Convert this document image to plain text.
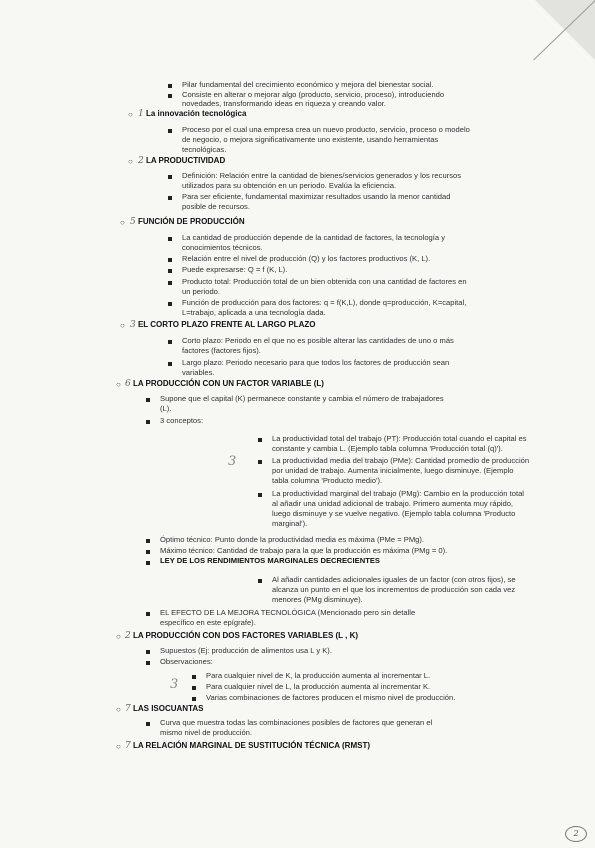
Pilar fundamental del crecimiento económico y mejora del bienestar social.
Consiste en alterar o mejorar algo (producto, servicio, proceso), introduciendo
novedades, transformando ideas en riqueza y creando valor.
○ 1 La innovación tecnológica
Proceso por el cual una empresa crea un nuevo producto, servicio, proceso o modelo
de negocio, o mejora significativamente uno existente, usando herramientas
tecnológicas.
○ 2 LA PRODUCTIVIDAD
Definición: Relación entre la cantidad de bienes/servicios generados y los recursos
utilizados para su obtención en un periodo. Evalúa la eficiencia.
Para ser eficiente, fundamental maximizar resultados usando la menor cantidad
posible de recursos.
○ 5 FUNCIÓN DE PRODUCCIÓN
La cantidad de producción depende de la cantidad de factores, la tecnología y
conocimientos técnicos.
Relación entre el nivel de producción (Q) y los factores productivos (K, L).
Puede expresarse: Q = f (K, L).
Producto total: Producción total de un bien obtenida con una cantidad de factores en
un periodo.
Función de producción para dos factores: q = f(K,L), donde q=producción, K=capital,
L=trabajo, aplicada a una tecnología dada.
○ 3 EL CORTO PLAZO FRENTE AL LARGO PLAZO
Corto plazo: Periodo en el que no es posible alterar las cantidades de uno o más
factores (factores fijos).
Largo plazo: Periodo necesario para que todos los factores de producción sean
variables.
○ 6 LA PRODUCCIÓN CON UN FACTOR VARIABLE (L)
Supone que el capital (K) permanece constante y cambia el número de trabajadores
(L).
3 conceptos:
La productividad total del trabajo (PT): Producción total cuando el capital es
constante y cambia L. (Ejemplo tabla columna 'Producción total (q)').
La productividad media del trabajo (PMe): Cantidad promedio de producción
por unidad de trabajo. Aumenta inicialmente, luego disminuye. (Ejemplo
tabla columna 'Producto medio').
3
La productividad marginal del trabajo (PMg): Cambio en la producción total
al añadir una unidad adicional de trabajo. Primero aumenta muy rápido,
luego disminuye y se vuelve negativo. (Ejemplo tabla columna 'Producto
marginal').
Óptimo técnico: Punto donde la productividad media es máxima (PMe = PMg).
Máximo técnico: Cantidad de trabajo para la que la producción es máxima (PMg = 0).
LEY DE LOS RENDIMIENTOS MARGINALES DECRECIENTES
Al añadir cantidades adicionales iguales de un factor (con otros fijos), se
alcanza un punto en el que los incrementos de producción son cada vez
menores (PMg disminuye).
EL EFECTO DE LA MEJORA TECNOLÓGICA (Mencionado pero sin detalle
específico en este epígrafe).
○ 2 LA PRODUCCIÓN CON DOS FACTORES VARIABLES (L , K)
Supuestos (Ej: producción de alimentos usa L y K).
Observaciones:
3
Para cualquier nivel de K, la producción aumenta al incrementar L.
Para cualquier nivel de L, la producción aumenta al incrementar K.
Varias combinaciones de factores producen el mismo nivel de producción.
○ 7 LAS ISOCUANTAS
Curva que muestra todas las combinaciones posibles de factores que generan el
mismo nivel de producción.
○ 7 LA RELACIÓN MARGINAL DE SUSTITUCIÓN TÉCNICA (RMST)
2
